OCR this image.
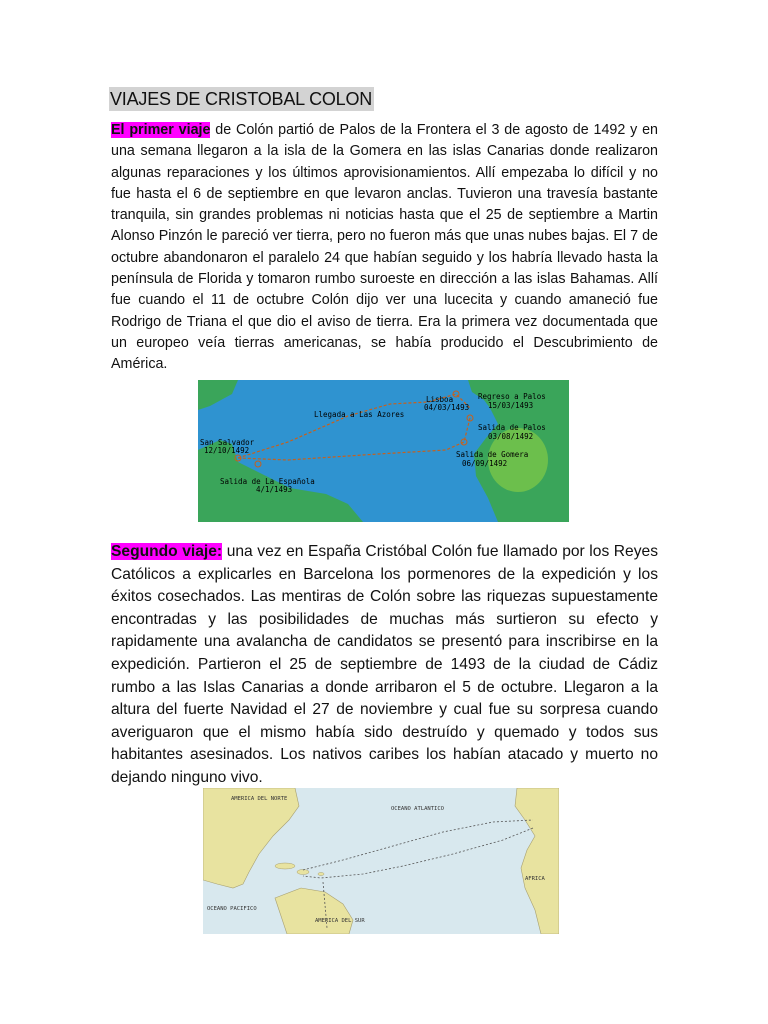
VIAJES DE CRISTOBAL COLON

El primer viaje de Colón partió de Palos de la Frontera el 3 de agosto de 1492 y en una semana llegaron a la isla de la Gomera en las islas Canarias donde realizaron algunas reparaciones y los últimos aprovisionamientos. Allí empezaba lo difícil y no fue hasta el 6 de septiembre en que levaron anclas. Tuvieron una travesía bastante tranquila, sin grandes problemas ni noticias hasta que el 25 de septiembre a Martin Alonso Pinzón le pareció ver tierra, pero no fueron más que unas nubes bajas. El 7 de octubre abandonaron el paralelo 24 que habían seguido y los habría llevado hasta la península de Florida y tomaron rumbo suroeste en dirección a las islas Bahamas. Allí fue cuando el 11 de octubre Colón dijo ver una lucecita y cuando amaneció fue Rodrigo de Triana el que dio el aviso de tierra. Era la primera vez documentada que un europeo veía tierras americanas, se había producido el Descubrimiento de América.

Lisboa
04/03/1493
Regreso a Palos
15/03/1493
Llegada a Las Azores
Salida de Palos
03/08/1492
Salida de Gomera
06/09/1492
San Salvador
12/10/1492
Salida de La Española
4/1/1493

Segundo viaje: una vez en España Cristóbal Colón fue llamado por los Reyes Católicos a explicarles en Barcelona los pormenores de la expedición y los éxitos cosechados. Las mentiras de Colón sobre las riquezas supuestamente encontradas y las posibilidades de muchas más surtieron su efecto y rapidamente una avalancha de candidatos se presentó para inscribirse en la expedición. Partieron el 25 de septiembre de 1493 de la ciudad de Cádiz rumbo a las Islas Canarias a donde arribaron el 5 de octubre. Llegaron a la altura del fuerte Navidad el 27 de noviembre y cual fue su sorpresa cuando averiguaron que el mismo había sido destruído y quemado y todos sus habitantes asesinados. Los nativos caribes los habían atacado y muerto no dejando ninguno vivo.

AMERICA DEL NORTE
OCEANO ATLANTICO
OCEANO PACIFICO
AMERICA DEL SUR
AFRICA
